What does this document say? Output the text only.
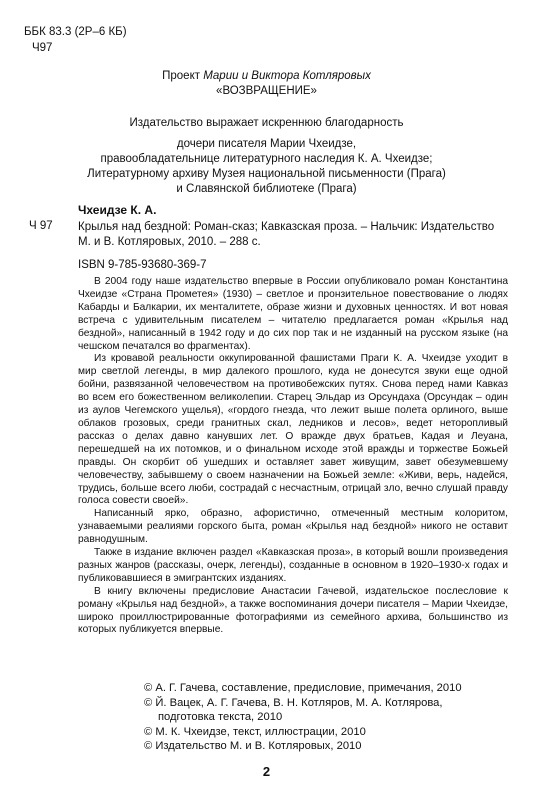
ББК 83.3 (2Р–6 КБ)
Ч97
Проект Марии и Виктора Котляровых
«ВОЗВРАЩЕНИЕ»
Издательство выражает искреннюю благодарность
дочери писателя Марии Чхеидзе,
правообладательнице литературного наследия К. А. Чхеидзе;
Литературному архиву Музея национальной письменности (Прага)
и Славянской библиотеке (Прага)
Чхеидзе К. А.
Ч 97 Крылья над бездной: Роман-сказ; Кавказская проза. – Нальчик: Издательство М. и В. Котляровых, 2010. – 288 с.
ISBN 9-785-93680-369-7

В 2004 году наше издательство впервые в России опубликовало роман Константина Чхеидзе «Страна Прометея» (1930) – светлое и пронзительное повествование о людях Кабарды и Балкарии, их менталитете, образе жизни и духовных ценностях. И вот новая встреча с удивительным писателем – читателю предлагается роман «Крылья над бездной», написанный в 1942 году и до сих пор так и не изданный на русском языке (на чешском печатался во фрагментах).

Из кровавой реальности оккупированной фашистами Праги К. А. Чхеидзе уходит в мир светлой легенды, в мир далекого прошлого, куда не донесутся звуки еще одной бойни, развязанной человечеством на противобежских путях. Снова перед нами Кавказ во всем его божественном великолепии. Старец Эльдар из Орсундаха (Орсундак – один из аулов Чегемского ущелья), «гордого гнезда, что лежит выше полета орлиного, выше облаков грозовых, среди гранитных скал, ледников и лесов», ведет неторопливый рассказ о делах давно канувших лет. О вражде двух братьев, Кадая и Леуана, перешедшей на их потомков, и о финальном исходе этой вражды и торжестве Божьей правды. Он скорбит об ушедших и оставляет завет живущим, завет обезумевшему человечеству, забывшему о своем назначении на Божьей земле: «Живи, верь, надейся, трудись, больше всего люби, сострадай с несчастным, отрицай зло, вечно слушай правду голоса совести своей».

Написанный ярко, образно, афористично, отмеченный местным колоритом, узнаваемыми реалиями горского быта, роман «Крылья над бездной» никого не оставит равнодушным.

Также в издание включен раздел «Кавказская проза», в который вошли произведения разных жанров (рассказы, очерк, легенды), созданные в основном в 1920–1930-х годах и публиковавшиеся в эмигрантских изданиях.

В книгу включены предисловие Анастасии Гачевой, издательское послесловие к роману «Крылья над бездной», а также воспоминания дочери писателя – Марии Чхеидзе, широко проиллюстрированные фотографиями из семейного архива, большинство из которых публикуется впервые.

© А. Г. Гачева, составление, предисловие, примечания, 2010
© Й. Вацек, А. Г. Гачева, В. Н. Котляров, М. А. Котлярова,
подготовка текста, 2010
© М. К. Чхеидзе, текст, иллюстрации, 2010
© Издательство М. и В. Котляровых, 2010
2
